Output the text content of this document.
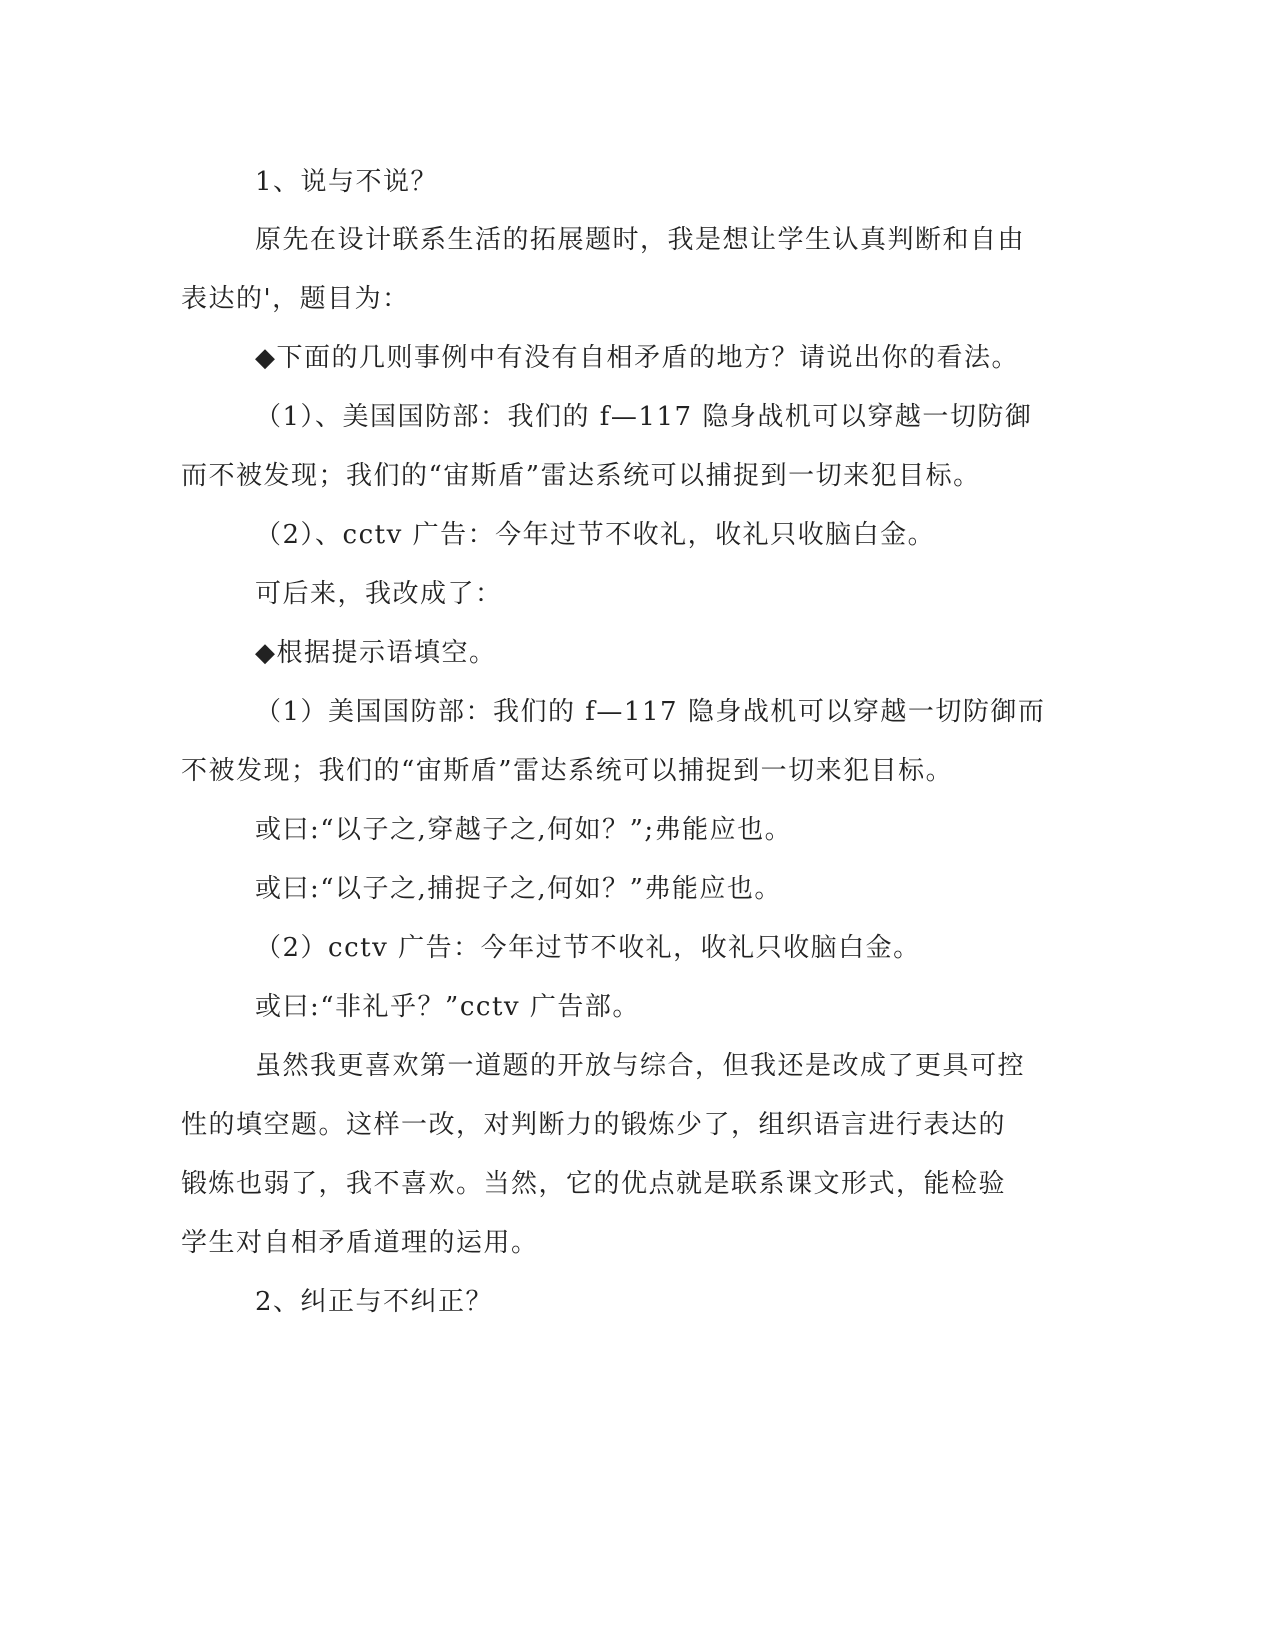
1、说与不说？
原先在设计联系生活的拓展题时，我是想让学生认真判断和自由
表达的'，题目为：
◆下面的几则事例中有没有自相矛盾的地方？请说出你的看法。
（1）、美国国防部：我们的 f—117 隐身战机可以穿越一切防御
而不被发现；我们的“宙斯盾”雷达系统可以捕捉到一切来犯目标。
（2）、cctv 广告：今年过节不收礼，收礼只收脑白金。
可后来，我改成了：
◆根据提示语填空。
（1）美国国防部：我们的 f—117 隐身战机可以穿越一切防御而
不被发现；我们的“宙斯盾”雷达系统可以捕捉到一切来犯目标。
或曰:“以子之,穿越子之,何如？”;弗能应也。
或曰:“以子之,捕捉子之,何如？”弗能应也。
（2）cctv 广告：今年过节不收礼，收礼只收脑白金。
或曰:“非礼乎？”cctv 广告部。
虽然我更喜欢第一道题的开放与综合，但我还是改成了更具可控
性的填空题。这样一改，对判断力的锻炼少了，组织语言进行表达的
锻炼也弱了，我不喜欢。当然，它的优点就是联系课文形式，能检验
学生对自相矛盾道理的运用。
2、纠正与不纠正？
